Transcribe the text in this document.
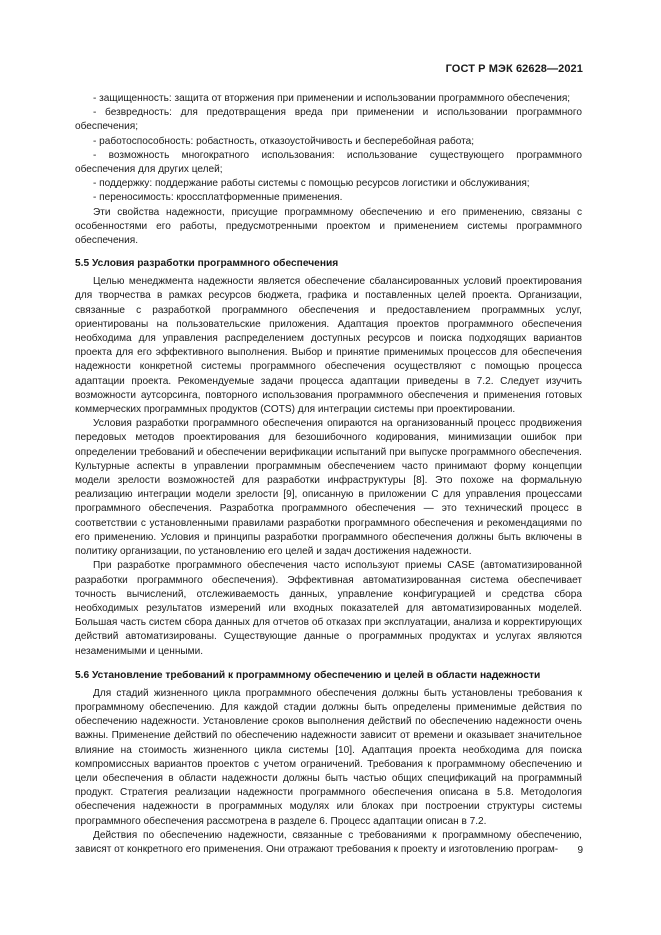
ГОСТ Р МЭК 62628—2021

- защищенность: защита от вторжения при применении и использовании программного обеспечения;

- безвредность: для предотвращения вреда при применении и использовании программного обеспечения;

- работоспособность: робастность, отказоустойчивость и бесперебойная работа;

- возможность многократного использования: использование существующего программного обеспечения для других целей;

- поддержку: поддержание работы системы с помощью ресурсов логистики и обслуживания;

- переносимость: кроссплатформенные применения.

Эти свойства надежности, присущие программному обеспечению и его применению, связаны с особенностями его работы, предусмотренными проектом и применением системы программного обеспечения.

5.5 Условия разработки программного обеспечения

Целью менеджмента надежности является обеспечение сбалансированных условий проектирования для творчества в рамках ресурсов бюджета, графика и поставленных целей проекта. Организации, связанные с разработкой программного обеспечения и предоставлением программных услуг, ориентированы на пользовательские приложения. Адаптация проектов программного обеспечения необходима для управления распределением доступных ресурсов и поиска подходящих вариантов проекта для его эффективного выполнения. Выбор и принятие применимых процессов для обеспечения надежности конкретной системы программного обеспечения осуществляют с помощью процесса адаптации проекта. Рекомендуемые задачи процесса адаптации приведены в 7.2. Следует изучить возможности аутсорсинга, повторного использования программного обеспечения и применения готовых коммерческих программных продуктов (COTS) для интеграции системы при проектировании.

Условия разработки программного обеспечения опираются на организованный процесс продвижения передовых методов проектирования для безошибочного кодирования, минимизации ошибок при определении требований и обеспечении верификации испытаний при выпуске программного обеспечения. Культурные аспекты в управлении программным обеспечением часто принимают форму концепции модели зрелости возможностей для разработки инфраструктуры [8]. Это похоже на формальную реализацию интеграции модели зрелости [9], описанную в приложении С для управления процессами программного обеспечения. Разработка программного обеспечения — это технический процесс в соответствии с установленными правилами разработки программного обеспечения и рекомендациями по его применению. Условия и принципы разработки программного обеспечения должны быть включены в политику организации, по установлению его целей и задач достижения надежности.

При разработке программного обеспечения часто используют приемы CASE (автоматизированной разработки программного обеспечения). Эффективная автоматизированная система обеспечивает точность вычислений, отслеживаемость данных, управление конфигурацией и средства сбора необходимых результатов измерений или входных показателей для автоматизированных моделей. Большая часть систем сбора данных для отчетов об отказах при эксплуатации, анализа и корректирующих действий автоматизированы. Существующие данные о программных продуктах и услугах являются незаменимыми и ценными.

5.6 Установление требований к программному обеспечению и целей в области надежности

Для стадий жизненного цикла программного обеспечения должны быть установлены требования к программному обеспечению. Для каждой стадии должны быть определены применимые действия по обеспечению надежности. Установление сроков выполнения действий по обеспечению надежности очень важны. Применение действий по обеспечению надежности зависит от времени и оказывает значительное влияние на стоимость жизненного цикла системы [10]. Адаптация проекта необходима для поиска компромиссных вариантов проектов с учетом ограничений. Требования к программному обеспечению и цели обеспечения в области надежности должны быть частью общих спецификаций на программный продукт. Стратегия реализации надежности программного обеспечения описана в 5.8. Методология обеспечения надежности в программных модулях или блоках при построении структуры системы программного обеспечения рассмотрена в разделе 6. Процесс адаптации описан в 7.2.

Действия по обеспечению надежности, связанные с требованиями к программному обеспечению, зависят от конкретного его применения. Они отражают требования к проекту и изготовлению програм-	9
